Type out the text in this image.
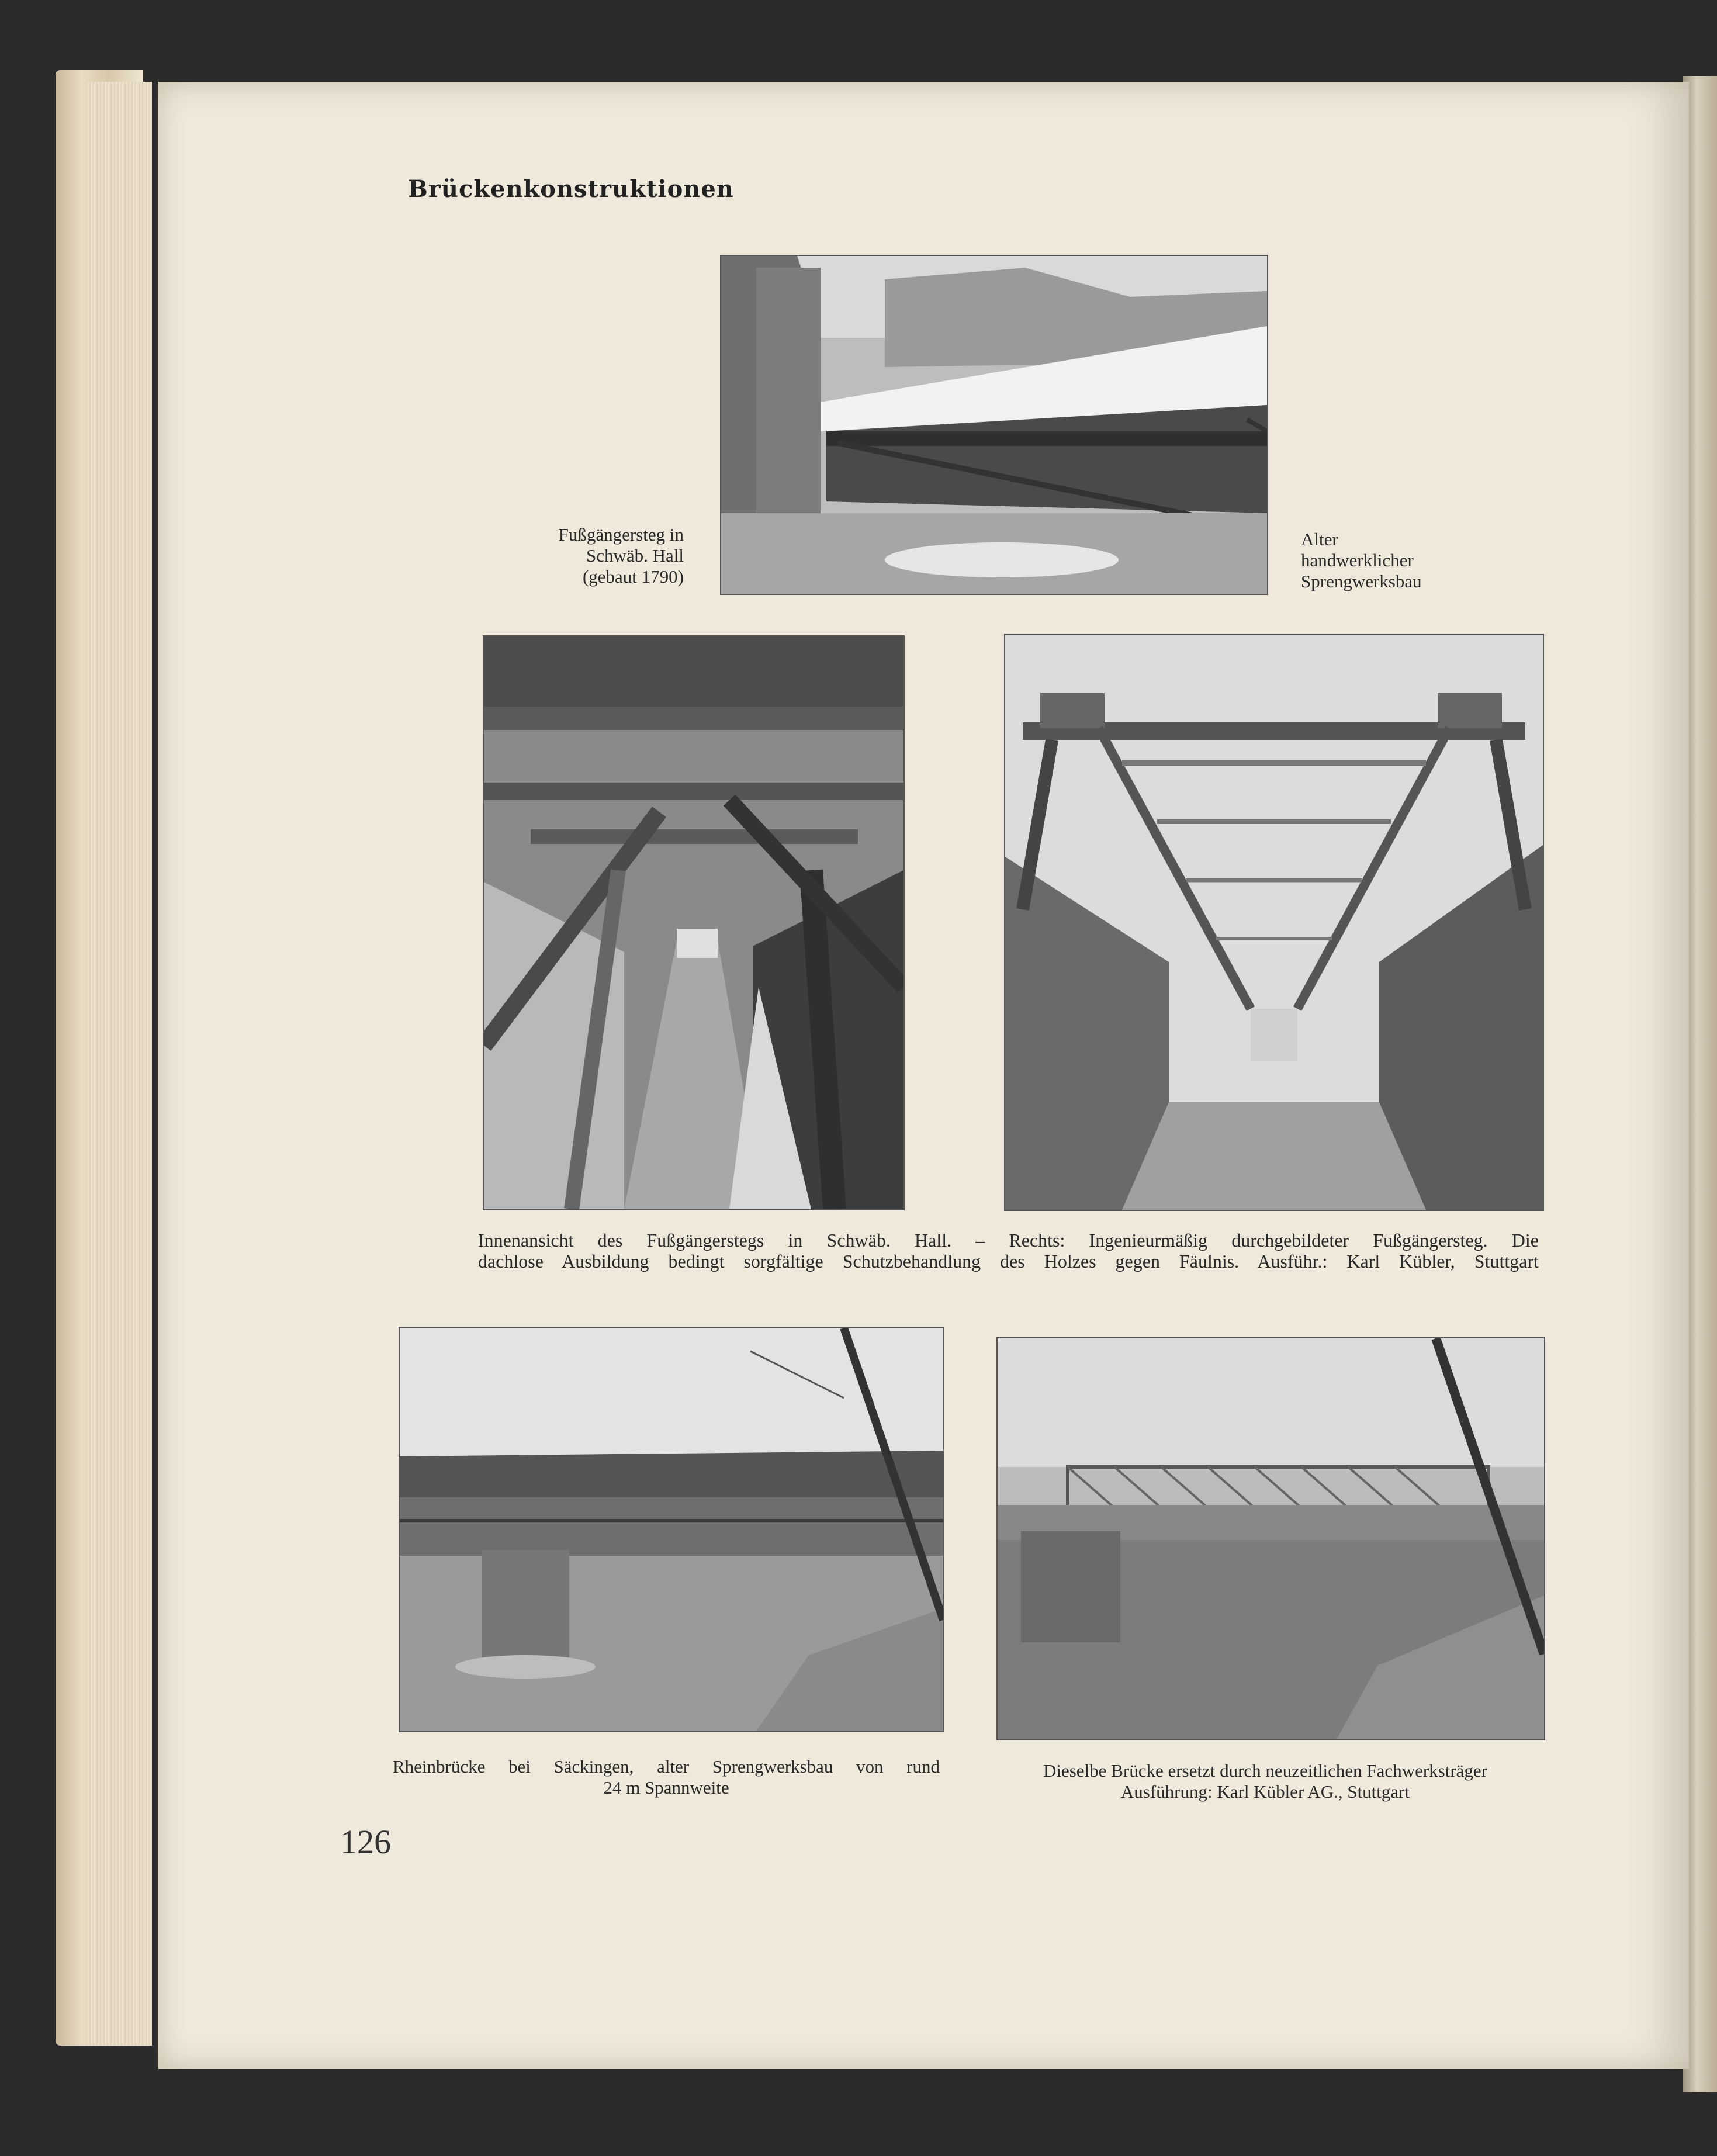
Brückenkonstruktionen
Fußgängersteg in
Schwäb. Hall
(gebaut 1790)
Alter
handwerklicher
Sprengwerksbau
Innenansicht des Fußgängerstegs in Schwäb. Hall. – Rechts: Ingenieurmäßig durchgebildeter Fußgängersteg. Die
dachlose Ausbildung bedingt sorgfältige Schutzbehandlung des Holzes gegen Fäulnis. Ausführ.: Karl Kübler, Stuttgart
Rheinbrücke bei Säckingen, alter Sprengwerksbau von rund
24 m Spannweite
Dieselbe Brücke ersetzt durch neuzeitlichen Fachwerksträger
Ausführung: Karl Kübler AG., Stuttgart
126
